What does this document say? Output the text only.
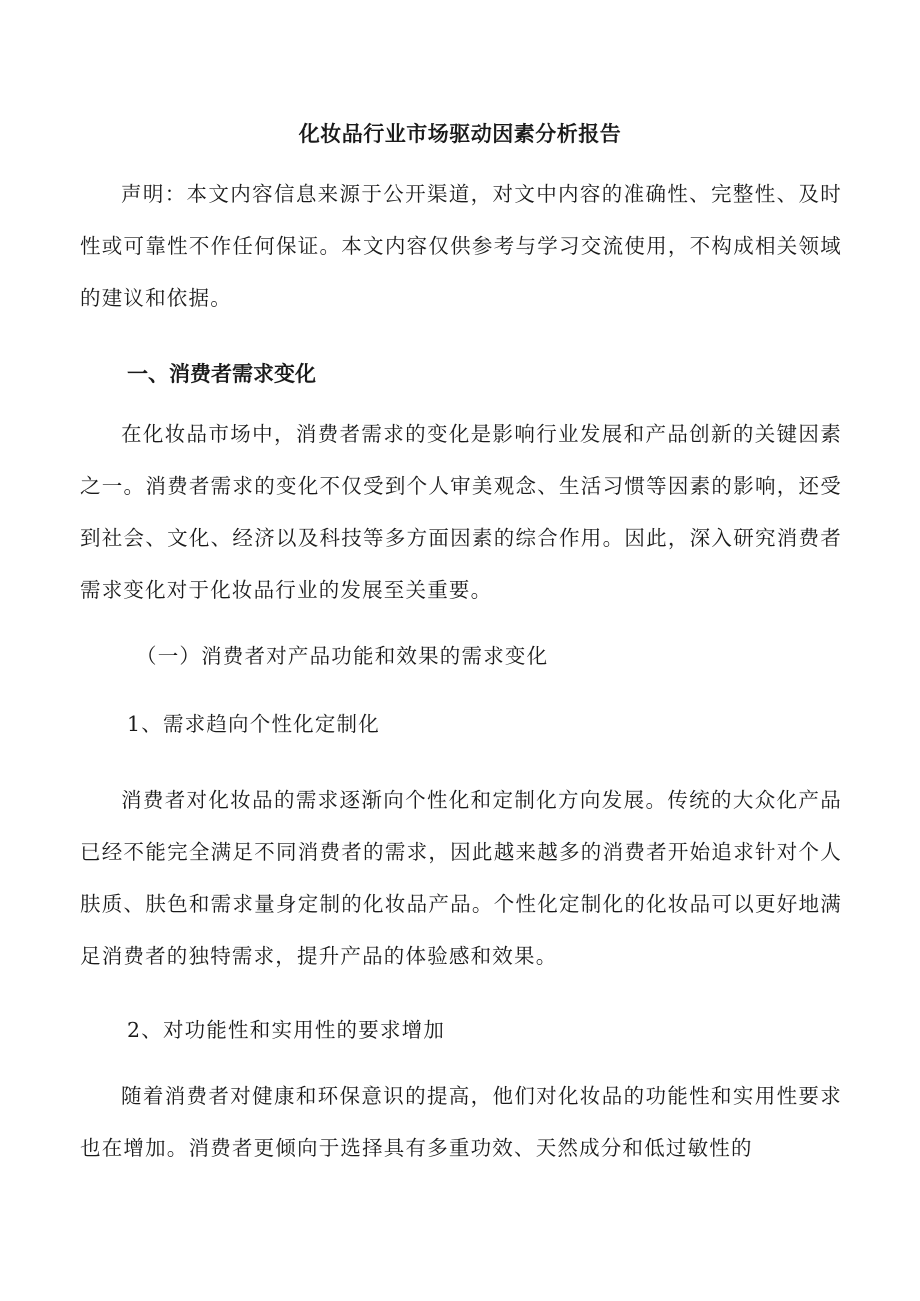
化妆品行业市场驱动因素分析报告

声明：本文内容信息来源于公开渠道，对文中内容的准确性、完整性、及时性或可靠性不作任何保证。本文内容仅供参考与学习交流使用，不构成相关领域的建议和依据。

一、消费者需求变化

在化妆品市场中，消费者需求的变化是影响行业发展和产品创新的关键因素之一。消费者需求的变化不仅受到个人审美观念、生活习惯等因素的影响，还受到社会、文化、经济以及科技等多方面因素的综合作用。因此，深入研究消费者需求变化对于化妆品行业的发展至关重要。

（一）消费者对产品功能和效果的需求变化
1、需求趋向个性化定制化

消费者对化妆品的需求逐渐向个性化和定制化方向发展。传统的大众化产品已经不能完全满足不同消费者的需求，因此越来越多的消费者开始追求针对个人肤质、肤色和需求量身定制的化妆品产品。个性化定制化的化妆品可以更好地满足消费者的独特需求，提升产品的体验感和效果。

2、对功能性和实用性的要求增加

随着消费者对健康和环保意识的提高，他们对化妆品的功能性和实用性要求也在增加。消费者更倾向于选择具有多重功效、天然成分和低过敏性的
